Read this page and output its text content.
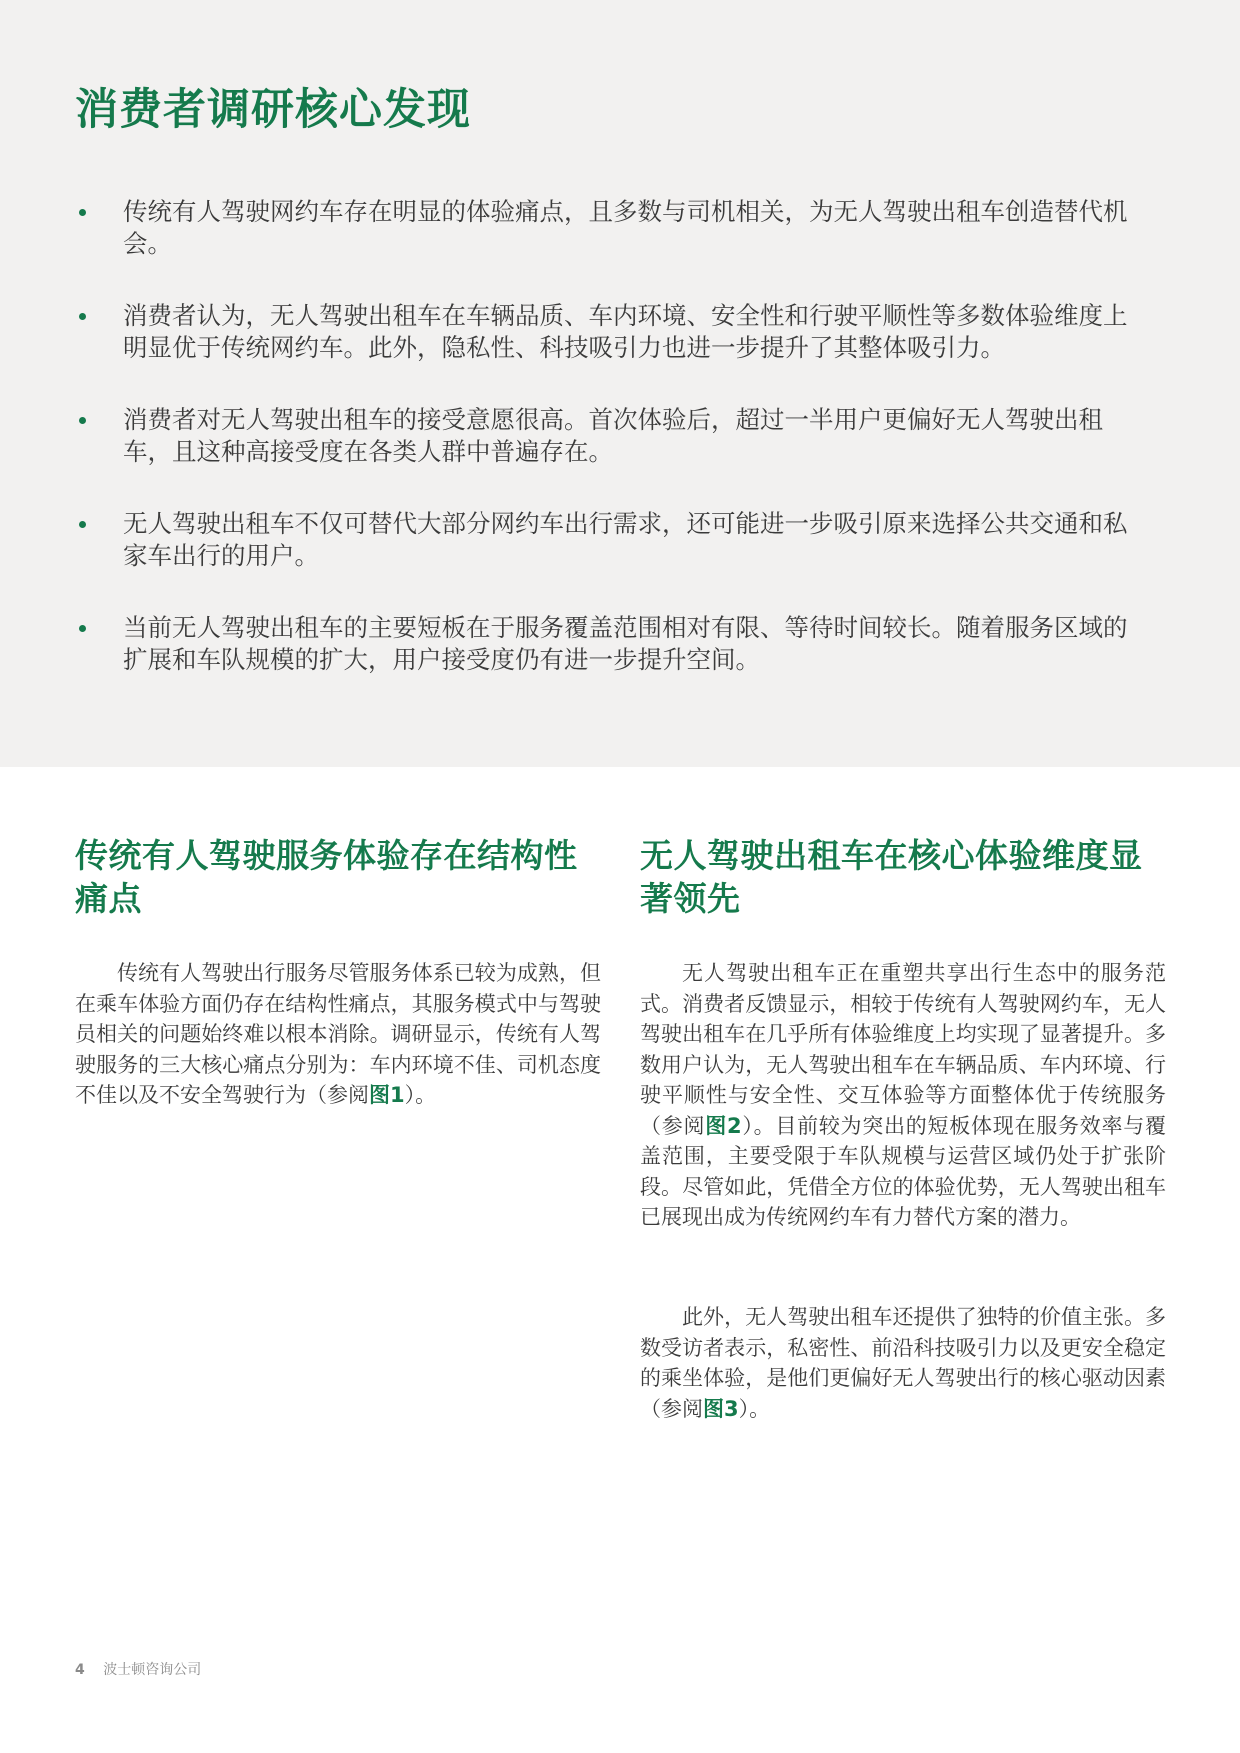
消费者调研核心发现
传统有人驾驶网约车存在明显的体验痛点，且多数与司机相关，为无人驾驶出租车创造替代机会。
消费者认为，无人驾驶出租车在车辆品质、车内环境、安全性和行驶平顺性等多数体验维度上明显优于传统网约车。此外，隐私性、科技吸引力也进一步提升了其整体吸引力。
消费者对无人驾驶出租车的接受意愿很高。首次体验后，超过一半用户更偏好无人驾驶出租车，且这种高接受度在各类人群中普遍存在。
无人驾驶出租车不仅可替代大部分网约车出行需求，还可能进一步吸引原来选择公共交通和私家车出行的用户。
当前无人驾驶出租车的主要短板在于服务覆盖范围相对有限、等待时间较长。随着服务区域的扩展和车队规模的扩大，用户接受度仍有进一步提升空间。
传统有人驾驶服务体验存在结构性痛点

传统有人驾驶出行服务尽管服务体系已较为成熟，但在乘车体验方面仍存在结构性痛点，其服务模式中与驾驶员相关的问题始终难以根本消除。调研显示，传统有人驾驶服务的三大核心痛点分别为：车内环境不佳、司机态度不佳以及不安全驾驶行为（参阅图1）。

无人驾驶出租车在核心体验维度显著领先

无人驾驶出租车正在重塑共享出行生态中的服务范式。消费者反馈显示，相较于传统有人驾驶网约车，无人驾驶出租车在几乎所有体验维度上均实现了显著提升。多数用户认为，无人驾驶出租车在车辆品质、车内环境、行驶平顺性与安全性、交互体验等方面整体优于传统服务（参阅图2）。目前较为突出的短板体现在服务效率与覆盖范围，主要受限于车队规模与运营区域仍处于扩张阶段。尽管如此，凭借全方位的体验优势，无人驾驶出租车已展现出成为传统网约车有力替代方案的潜力。

此外，无人驾驶出租车还提供了独特的价值主张。多数受访者表示，私密性、前沿科技吸引力以及更安全稳定的乘坐体验，是他们更偏好无人驾驶出行的核心驱动因素（参阅图3）。

4 波士顿咨询公司
